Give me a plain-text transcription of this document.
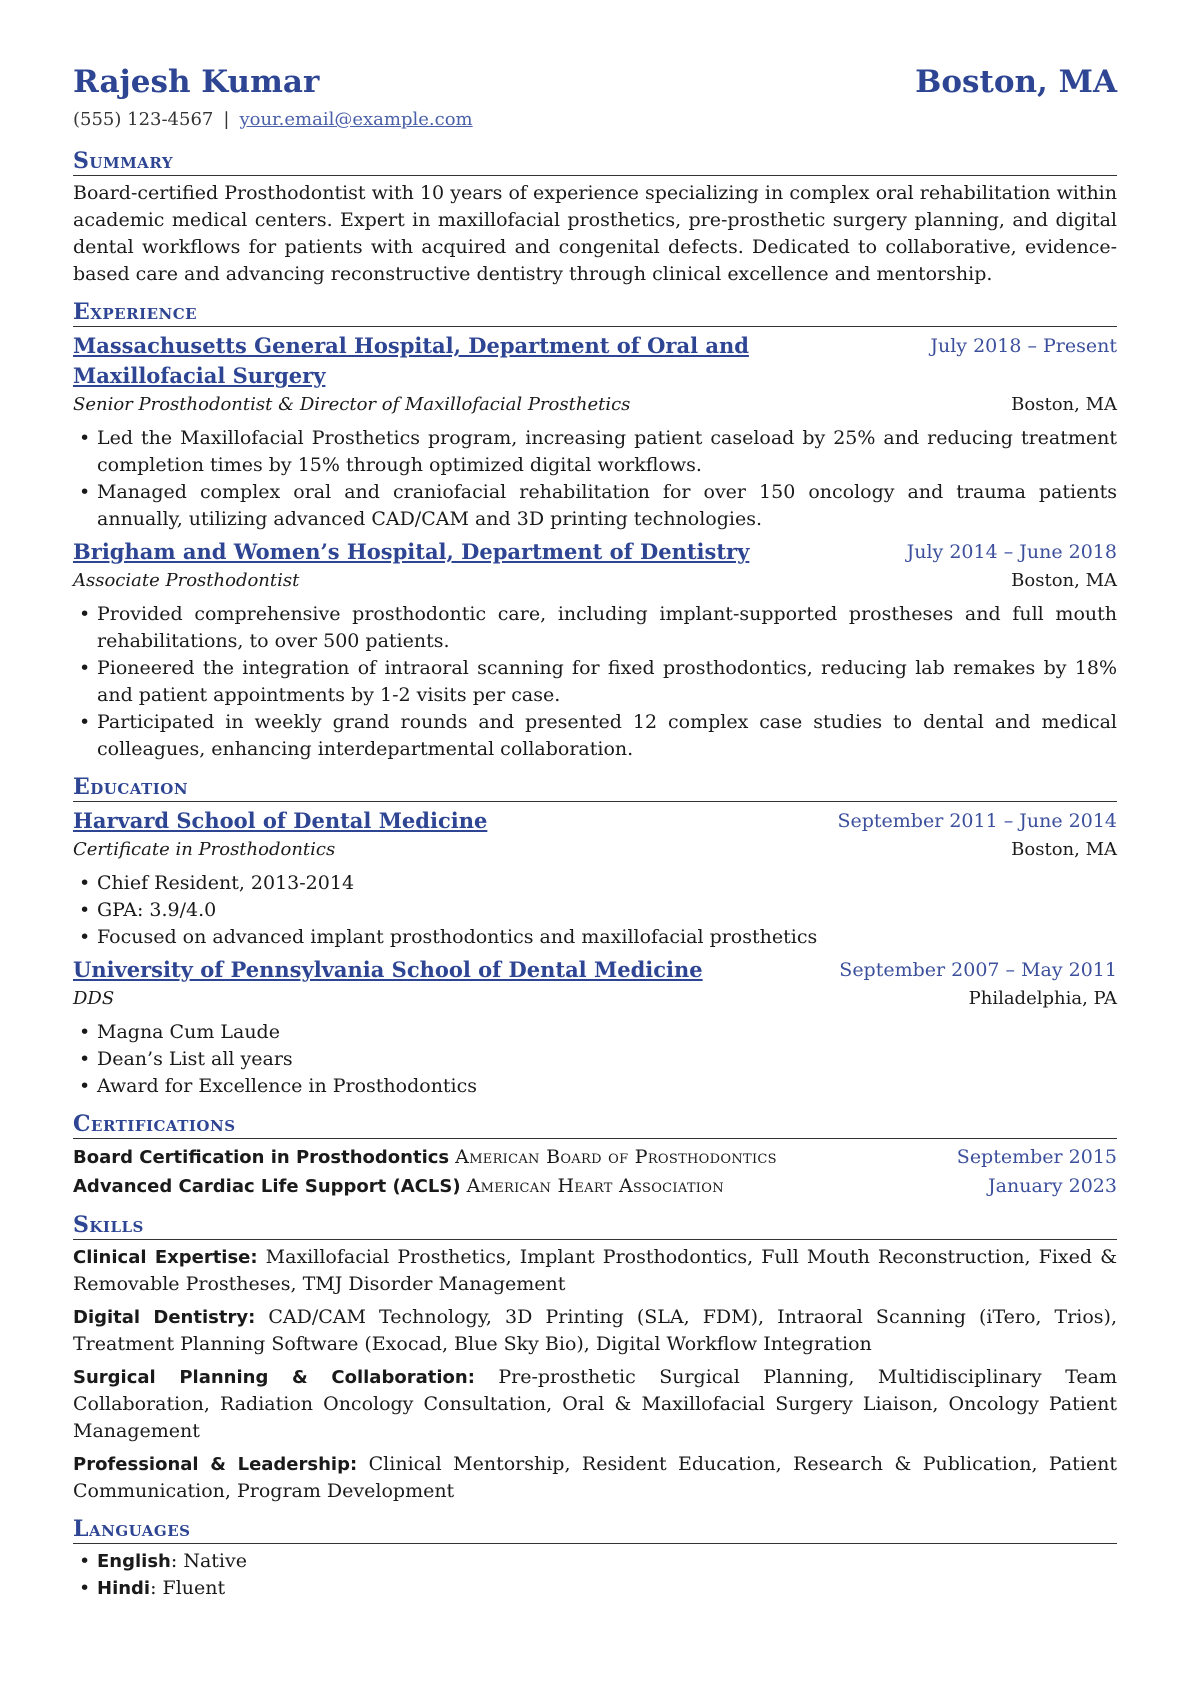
Rajesh Kumar	Boston, MA
(555) 123-4567 | your.email@example.com
Summary
Board-certified Prosthodontist with 10 years of experience specializing in complex oral rehabilitation within academic medical centers. Expert in maxillofacial prosthetics, pre-prosthetic surgery planning, and digital dental workflows for patients with acquired and congenital defects. Dedicated to collaborative, evidence-based care and advancing reconstructive dentistry through clinical excellence and mentorship.
Experience
Massachusetts General Hospital, Department of Oral and Maxillofacial Surgery
July 2018 – Present
Senior Prosthodontist & Director of Maxillofacial Prosthetics	Boston, MA
• Led the Maxillofacial Prosthetics program, increasing patient caseload by 25% and reducing treatment completion times by 15% through optimized digital workflows.
• Managed complex oral and craniofacial rehabilitation for over 150 oncology and trauma patients annually, utilizing advanced CAD/CAM and 3D printing technologies.
Brigham and Women’s Hospital, Department of Dentistry	July 2014 – June 2018
Associate Prosthodontist	Boston, MA
• Provided comprehensive prosthodontic care, including implant-supported prostheses and full mouth rehabilitations, to over 500 patients.
• Pioneered the integration of intraoral scanning for fixed prosthodontics, reducing lab remakes by 18% and patient appointments by 1-2 visits per case.
• Participated in weekly grand rounds and presented 12 complex case studies to dental and medical colleagues, enhancing interdepartmental collaboration.
Education
Harvard School of Dental Medicine	September 2011 – June 2014
Certificate in Prosthodontics	Boston, MA
• Chief Resident, 2013-2014
• GPA: 3.9/4.0
• Focused on advanced implant prosthodontics and maxillofacial prosthetics
University of Pennsylvania School of Dental Medicine	September 2007 – May 2011
DDS	Philadelphia, PA
• Magna Cum Laude
• Dean’s List all years
• Award for Excellence in Prosthodontics
Certifications
Board Certification in Prosthodontics American Board of Prosthodontics	September 2015
Advanced Cardiac Life Support (ACLS) American Heart Association	January 2023
Skills

Clinical Expertise: Maxillofacial Prosthetics, Implant Prosthodontics, Full Mouth Reconstruction, Fixed & Removable Prostheses, TMJ Disorder Management

Digital Dentistry: CAD/CAM Technology, 3D Printing (SLA, FDM), Intraoral Scanning (iTero, Trios), Treatment Planning Software (Exocad, Blue Sky Bio), Digital Workflow Integration

Surgical Planning & Collaboration: Pre-prosthetic Surgical Planning, Multidisciplinary Team Collaboration, Radiation Oncology Consultation, Oral & Maxillofacial Surgery Liaison, Oncology Patient Management

Professional & Leadership: Clinical Mentorship, Resident Education, Research & Publication, Patient Communication, Program Development

Languages
• English: Native
• Hindi: Fluent
